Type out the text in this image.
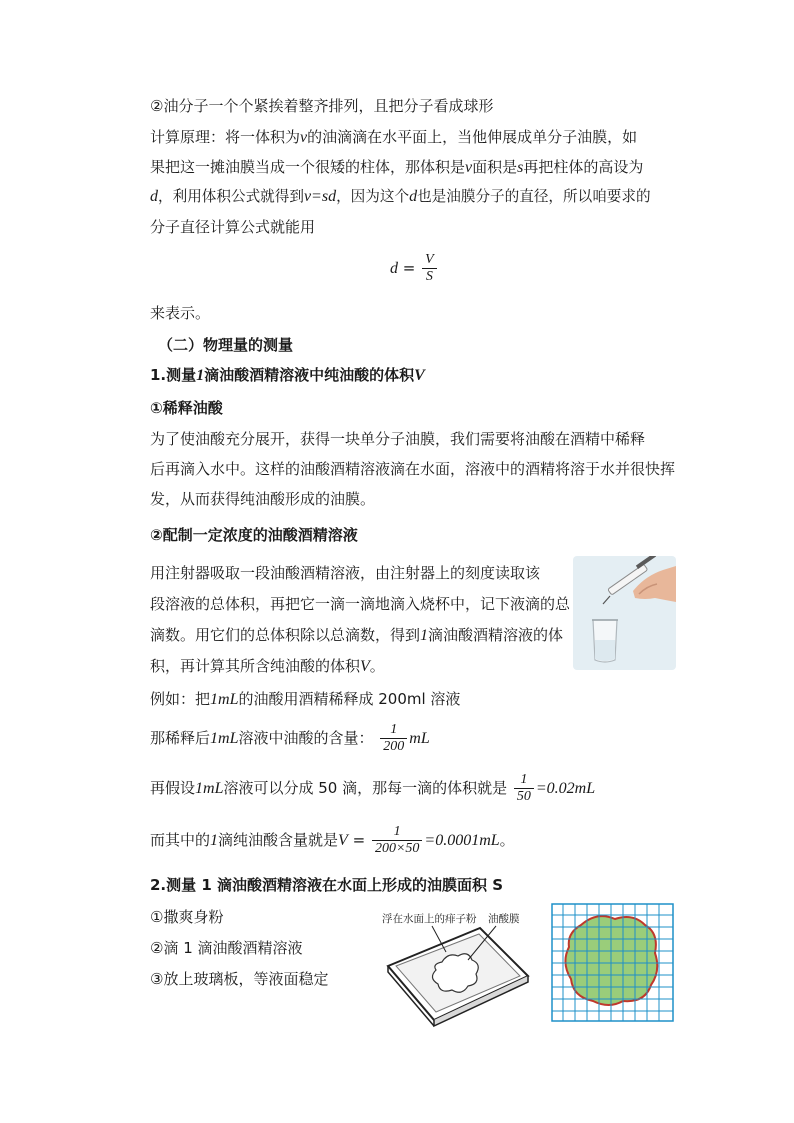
②油分子一个个紧挨着整齐排列，且把分子看成球形
计算原理：将一体积为v的油滴滴在水平面上，当他伸展成单分子油膜，如
果把这一摊油膜当成一个很矮的柱体，那体积是v面积是s再把柱体的高设为
d，利用体积公式就得到v=sd，因为这个d也是油膜分子的直径，所以咱要求的
分子直径计算公式就能用
$d = \frac{V}{S}$
来表示。
（二）物理量的测量
1.测量1滴油酸酒精溶液中纯油酸的体积V
①稀释油酸
为了使油酸充分展开，获得一块单分子油膜，我们需要将油酸在酒精中稀释
后再滴入水中。这样的油酸酒精溶液滴在水面，溶液中的酒精将溶于水并很快挥
发，从而获得纯油酸形成的油膜。
②配制一定浓度的油酸酒精溶液
用注射器吸取一段油酸酒精溶液，由注射器上的刻度读取该
段溶液的总体积，再把它一滴一滴地滴入烧杯中，记下液滴的总
滴数。用它们的总体积除以总滴数，得到1滴油酸酒精溶液的体
积，再计算其所含纯油酸的体积V。
例如：把1mL的油酸用酒精稀释成 200ml 溶液
那稀释后1mL溶液中油酸的含量： $\frac{1}{200}$ mL
再假设1mL溶液可以分成 50 滴，那每一滴的体积就是 $\frac{1}{50} =0.02mL$
而其中的1滴纯油酸含量就是$V = \frac{1}{200\times 50} =0.0001mL$。
2.测量 1 滴油酸酒精溶液在水面上形成的油膜面积 S
①撒爽身粉
②滴 1 滴油酸酒精溶液
③放上玻璃板，等液面稳定
浮在水面上的痱子粉 油酸膜
